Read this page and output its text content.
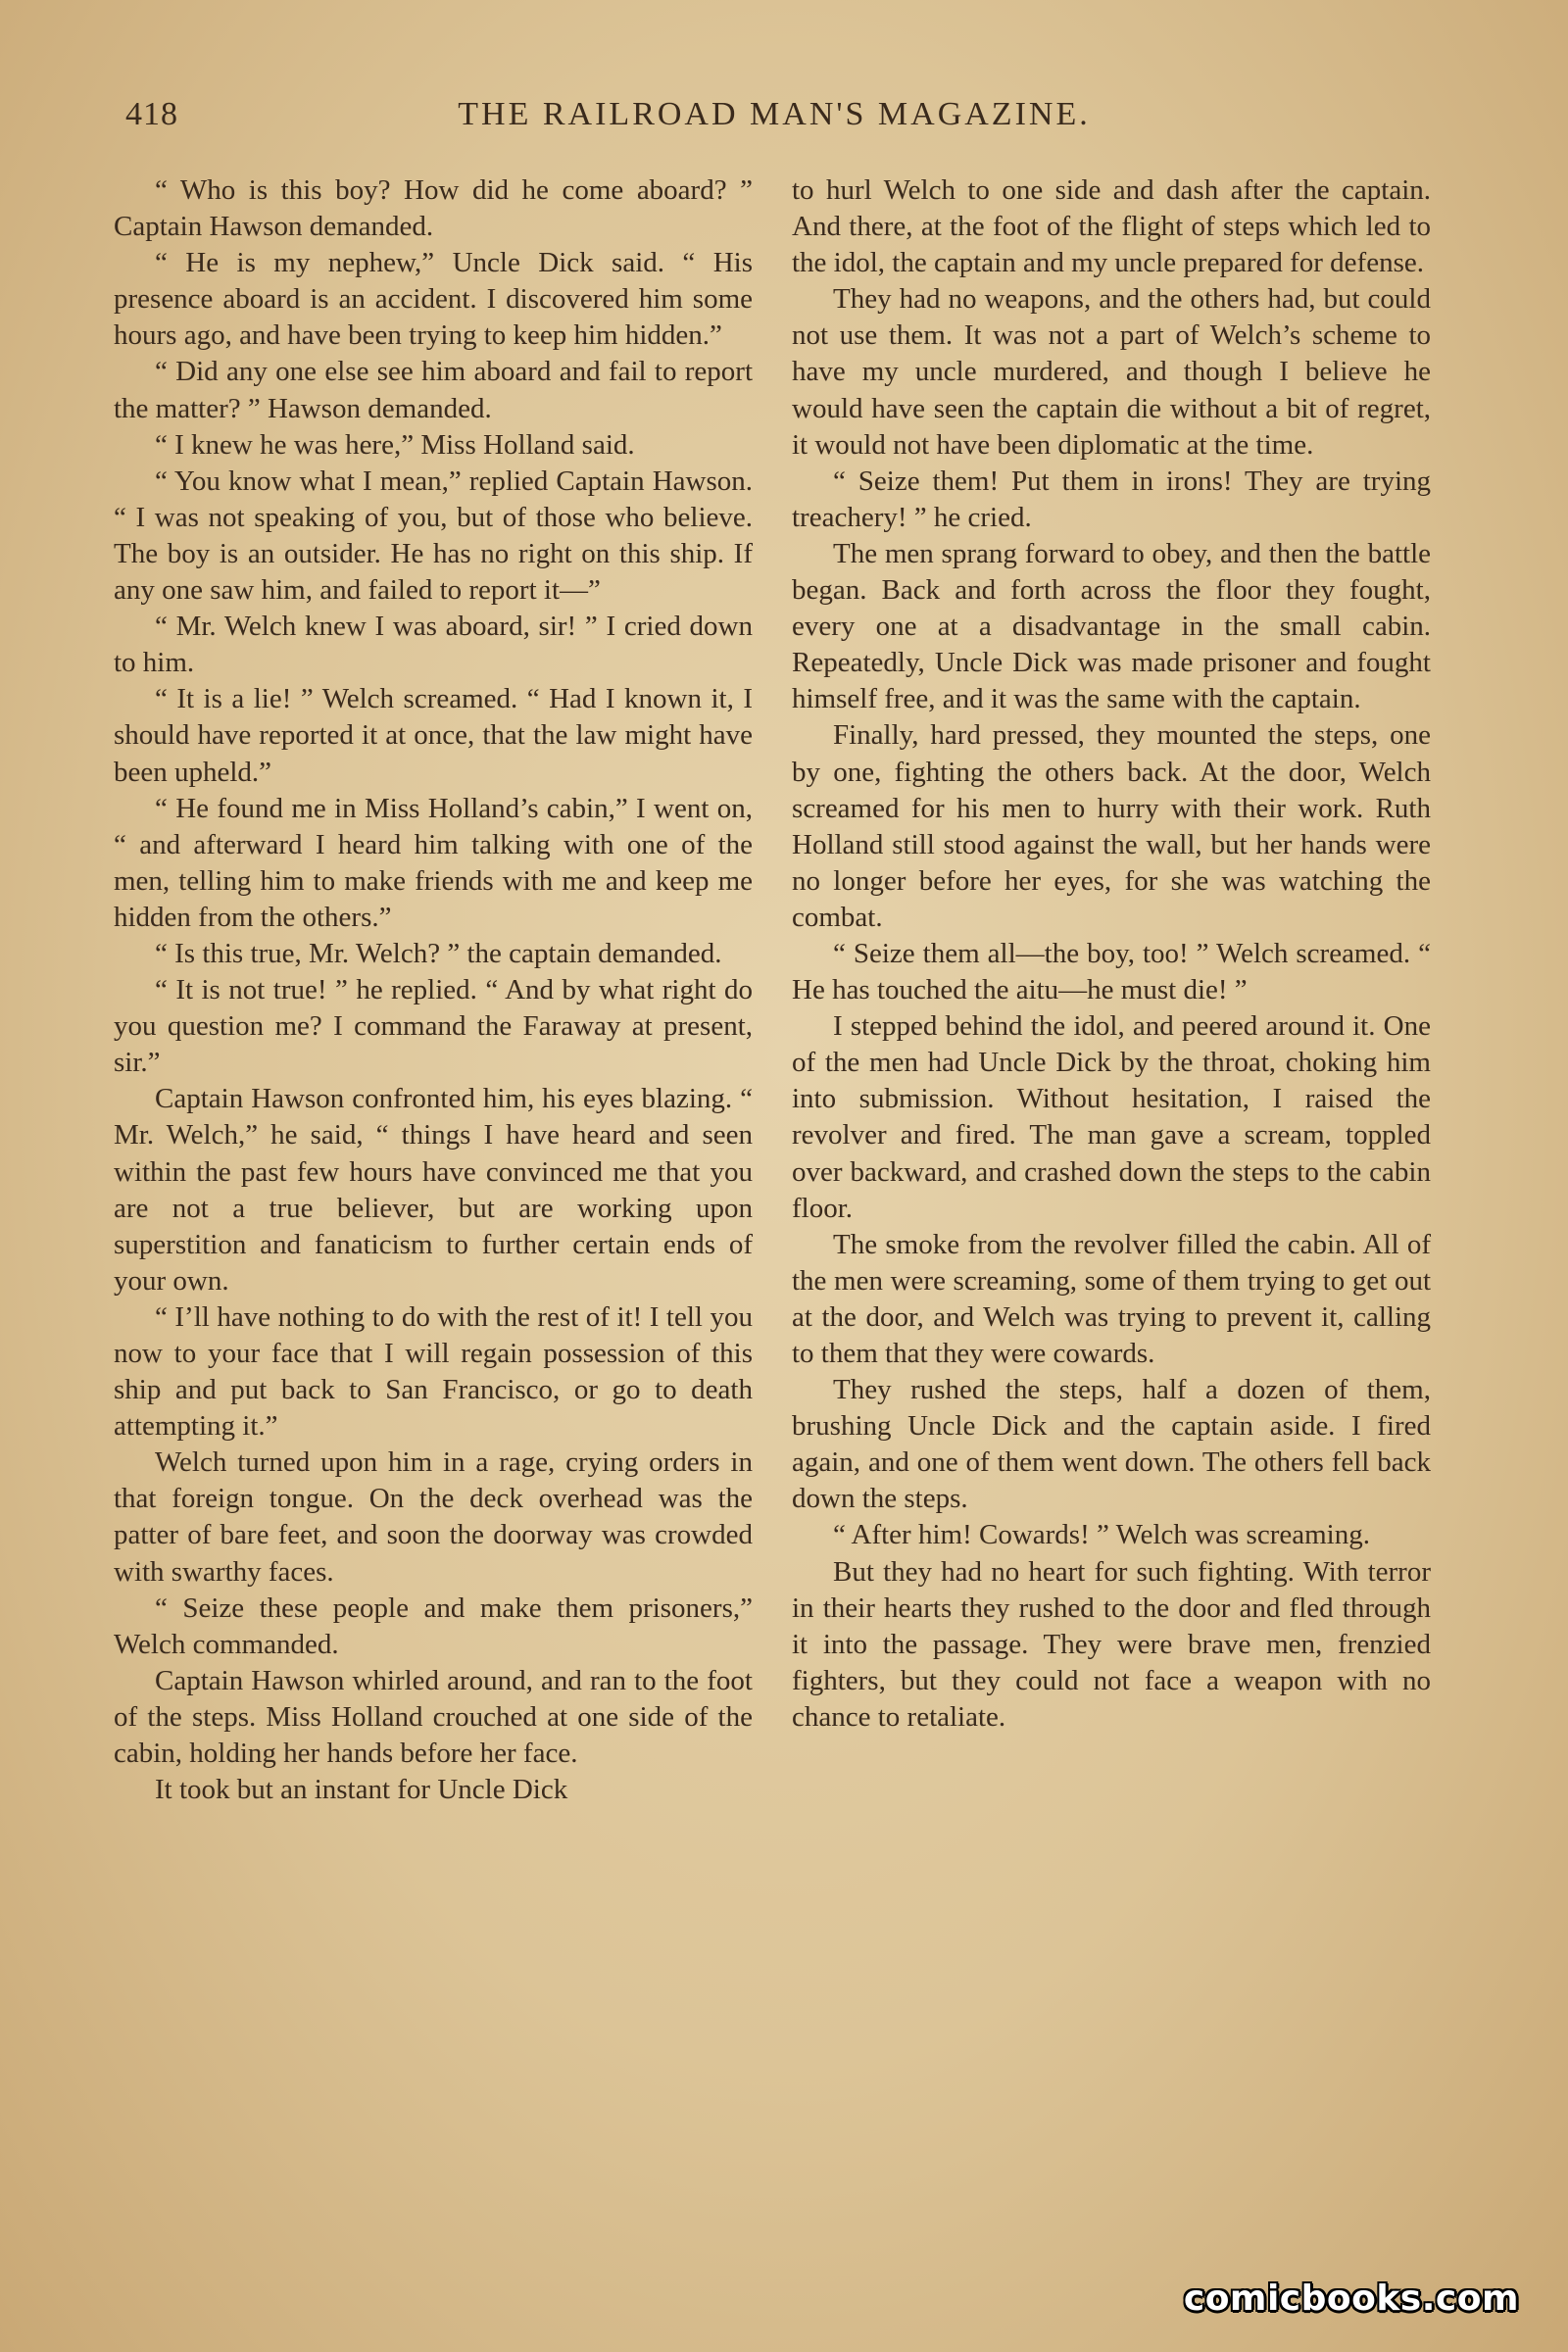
418	THE RAILROAD MAN'S MAGAZINE.

“ Who is this boy? How did he come aboard? ” Captain Hawson demanded.

“ He is my nephew,” Uncle Dick said. “ His presence aboard is an accident. I discovered him some hours ago, and have been trying to keep him hidden.”

“ Did any one else see him aboard and fail to report the matter? ” Hawson demanded.

“ I knew he was here,” Miss Holland said.

“ You know what I mean,” replied Captain Hawson. “ I was not speaking of you, but of those who believe. The boy is an outsider. He has no right on this ship. If any one saw him, and failed to report it—”

“ Mr. Welch knew I was aboard, sir! ” I cried down to him.

“ It is a lie! ” Welch screamed. “ Had I known it, I should have reported it at once, that the law might have been upheld.”

“ He found me in Miss Holland’s cabin,” I went on, “ and afterward I heard him talking with one of the men, telling him to make friends with me and keep me hidden from the others.”

“ Is this true, Mr. Welch? ” the captain demanded.

“ It is not true! ” he replied. “ And by what right do you question me? I command the Faraway at present, sir.”

Captain Hawson confronted him, his eyes blazing. “ Mr. Welch,” he said, “ things I have heard and seen within the past few hours have convinced me that you are not a true believer, but are working upon superstition and fanaticism to further certain ends of your own.

“ I’ll have nothing to do with the rest of it! I tell you now to your face that I will regain possession of this ship and put back to San Francisco, or go to death attempting it.”

Welch turned upon him in a rage, crying orders in that foreign tongue. On the deck overhead was the patter of bare feet, and soon the doorway was crowded with swarthy faces.

“ Seize these people and make them prisoners,” Welch commanded.

Captain Hawson whirled around, and ran to the foot of the steps. Miss Holland crouched at one side of the cabin, holding her hands before her face.

It took but an instant for Uncle Dick

to hurl Welch to one side and dash after the captain. And there, at the foot of the flight of steps which led to the idol, the captain and my uncle prepared for defense.

They had no weapons, and the others had, but could not use them. It was not a part of Welch’s scheme to have my uncle murdered, and though I believe he would have seen the captain die without a bit of regret, it would not have been diplomatic at the time.

“ Seize them! Put them in irons! They are trying treachery! ” he cried.

The men sprang forward to obey, and then the battle began. Back and forth across the floor they fought, every one at a disadvantage in the small cabin. Repeatedly, Uncle Dick was made prisoner and fought himself free, and it was the same with the captain.

Finally, hard pressed, they mounted the steps, one by one, fighting the others back. At the door, Welch screamed for his men to hurry with their work. Ruth Holland still stood against the wall, but her hands were no longer before her eyes, for she was watching the combat.

“ Seize them all—the boy, too! ” Welch screamed. “ He has touched the aitu—he must die! ”

I stepped behind the idol, and peered around it. One of the men had Uncle Dick by the throat, choking him into submission. Without hesitation, I raised the revolver and fired. The man gave a scream, toppled over backward, and crashed down the steps to the cabin floor.

The smoke from the revolver filled the cabin. All of the men were screaming, some of them trying to get out at the door, and Welch was trying to prevent it, calling to them that they were cowards.

They rushed the steps, half a dozen of them, brushing Uncle Dick and the captain aside. I fired again, and one of them went down. The others fell back down the steps.

“ After him! Cowards! ” Welch was screaming.

But they had no heart for such fighting. With terror in their hearts they rushed to the door and fled through it into the passage. They were brave men, frenzied fighters, but they could not face a weapon with no chance to retaliate.

comicbooks.com
